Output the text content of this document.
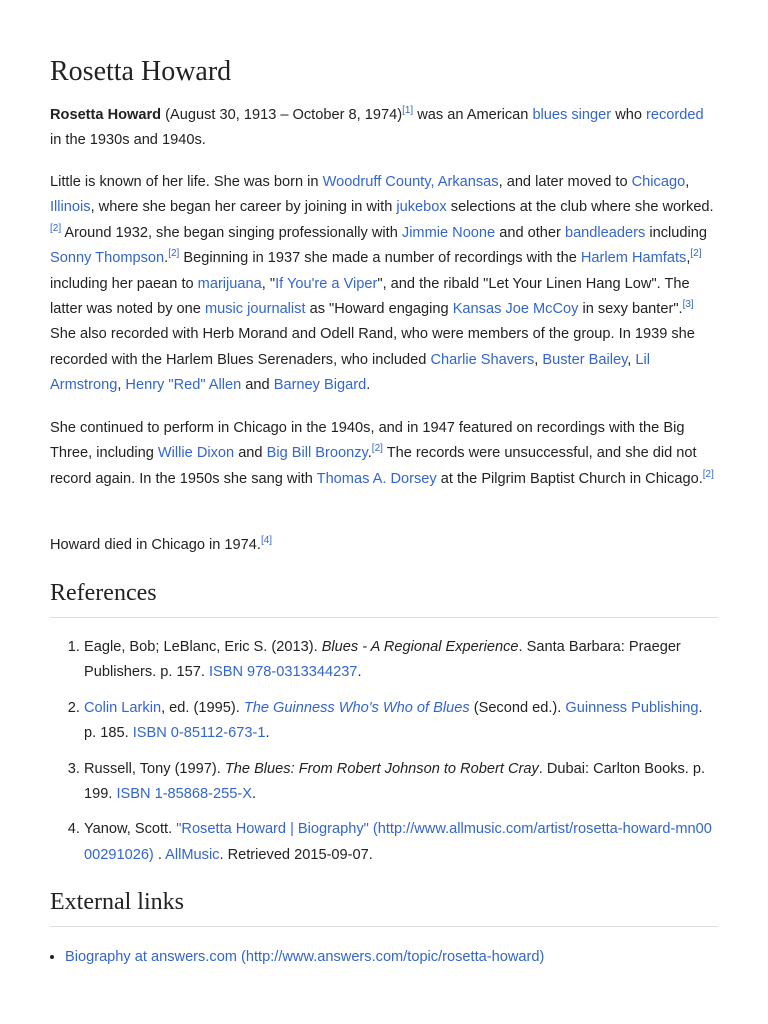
Rosetta Howard

Rosetta Howard (August 30, 1913 – October 8, 1974)[1] was an American blues singer who recorded in the 1930s and 1940s.

Little is known of her life. She was born in Woodruff County, Arkansas, and later moved to Chicago, Illinois, where she began her career by joining in with jukebox selections at the club where she worked.[2] Around 1932, she began singing professionally with Jimmie Noone and other bandleaders including Sonny Thompson.[2] Beginning in 1937 she made a number of recordings with the Harlem Hamfats,[2] including her paean to marijuana, "If You're a Viper", and the ribald "Let Your Linen Hang Low". The latter was noted by one music journalist as "Howard engaging Kansas Joe McCoy in sexy banter".[3] She also recorded with Herb Morand and Odell Rand, who were members of the group. In 1939 she recorded with the Harlem Blues Serenaders, who included Charlie Shavers, Buster Bailey, Lil Armstrong, Henry "Red" Allen and Barney Bigard.

She continued to perform in Chicago in the 1940s, and in 1947 featured on recordings with the Big Three, including Willie Dixon and Big Bill Broonzy.[2] The records were unsuccessful, and she did not record again. In the 1950s she sang with Thomas A. Dorsey at the Pilgrim Baptist Church in Chicago.[2]

Howard died in Chicago in 1974.[4]

References
1. Eagle, Bob; LeBlanc, Eric S. (2013). Blues - A Regional Experience. Santa Barbara: Praeger Publishers. p. 157. ISBN 978-0313344237.
2. Colin Larkin, ed. (1995). The Guinness Who's Who of Blues (Second ed.). Guinness Publishing. p. 185. ISBN 0-85112-673-1.
3. Russell, Tony (1997). The Blues: From Robert Johnson to Robert Cray. Dubai: Carlton Books. p. 199. ISBN 1-85868-255-X.
4. Yanow, Scott. "Rosetta Howard | Biography" (http://www.allmusic.com/artist/rosetta-howard-mn0000291026) . AllMusic. Retrieved 2015-09-07.
External links
• Biography at answers.com (http://www.answers.com/topic/rosetta-howard)
